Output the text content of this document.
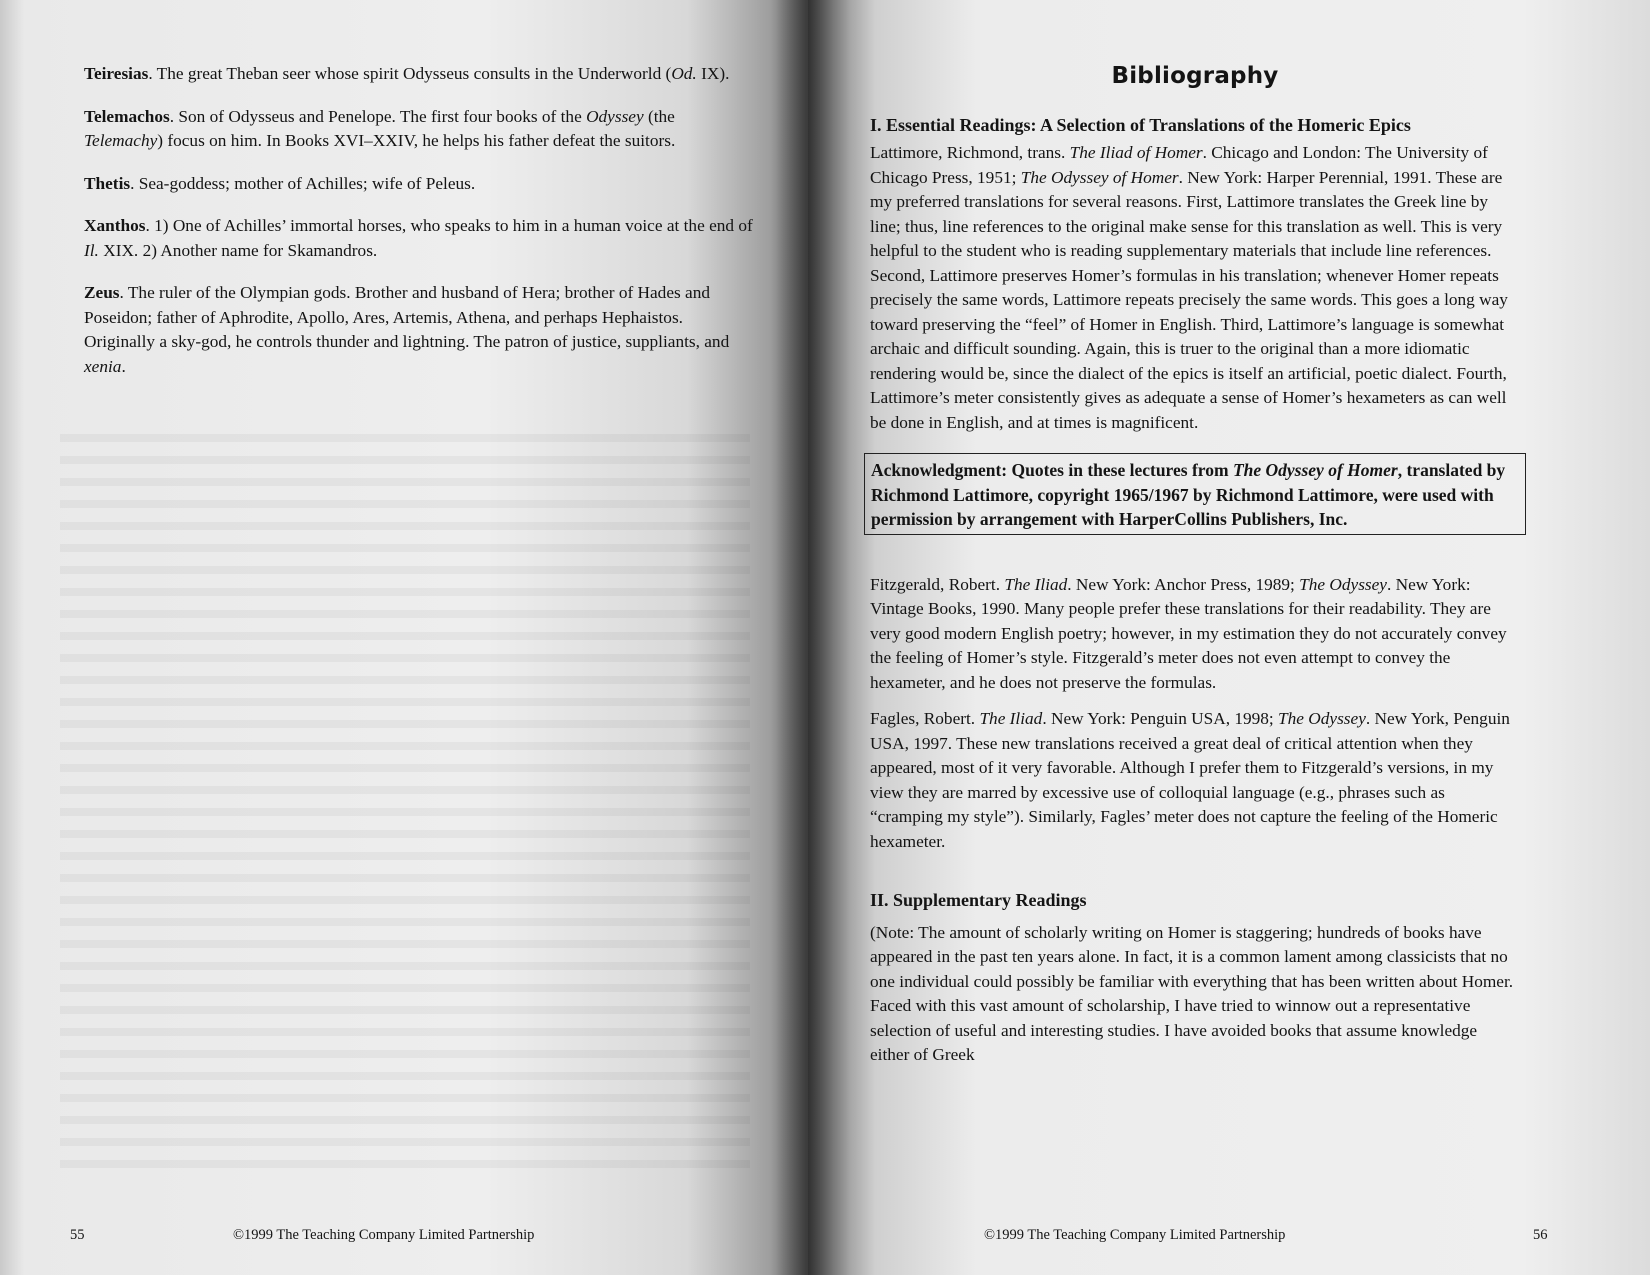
Teiresias. The great Theban seer whose spirit Odysseus consults in the Underworld (Od. IX).

Telemachos. Son of Odysseus and Penelope. The first four books of the Odyssey (the Telemachy) focus on him. In Books XVI–XXIV, he helps his father defeat the suitors.

Thetis. Sea-goddess; mother of Achilles; wife of Peleus.

Xanthos. 1) One of Achilles’ immortal horses, who speaks to him in a human voice at the end of Il. XIX. 2) Another name for Skamandros.

Zeus. The ruler of the Olympian gods. Brother and husband of Hera; brother of Hades and Poseidon; father of Aphrodite, Apollo, Ares, Artemis, Athena, and perhaps Hephaistos. Originally a sky-god, he controls thunder and lightning. The patron of justice, suppliants, and xenia.

55	©1999 The Teaching Company Limited Partnership
Bibliography
I. Essential Readings: A Selection of Translations of the Homeric Epics

Lattimore, Richmond, trans. The Iliad of Homer. Chicago and London: The University of Chicago Press, 1951; The Odyssey of Homer. New York: Harper Perennial, 1991. These are my preferred translations for several reasons. First, Lattimore translates the Greek line by line; thus, line references to the original make sense for this translation as well. This is very helpful to the student who is reading supplementary materials that include line references. Second, Lattimore preserves Homer’s formulas in his translation; whenever Homer repeats precisely the same words, Lattimore repeats precisely the same words. This goes a long way toward preserving the “feel” of Homer in English. Third, Lattimore’s language is somewhat archaic and difficult sounding. Again, this is truer to the original than a more idiomatic rendering would be, since the dialect of the epics is itself an artificial, poetic dialect. Fourth, Lattimore’s meter consistently gives as adequate a sense of Homer’s hexameters as can well be done in English, and at times is magnificent.

Acknowledgment: Quotes in these lectures from The Odyssey of Homer, translated by Richmond Lattimore, copyright 1965/1967 by Richmond Lattimore, were used with permission by arrangement with HarperCollins Publishers, Inc.

Fitzgerald, Robert. The Iliad. New York: Anchor Press, 1989; The Odyssey. New York: Vintage Books, 1990. Many people prefer these translations for their readability. They are very good modern English poetry; however, in my estimation they do not accurately convey the feeling of Homer’s style. Fitzgerald’s meter does not even attempt to convey the hexameter, and he does not preserve the formulas.

Fagles, Robert. The Iliad. New York: Penguin USA, 1998; The Odyssey. New York, Penguin USA, 1997. These new translations received a great deal of critical attention when they appeared, most of it very favorable. Although I prefer them to Fitzgerald’s versions, in my view they are marred by excessive use of colloquial language (e.g., phrases such as “cramping my style”). Similarly, Fagles’ meter does not capture the feeling of the Homeric hexameter.

II. Supplementary Readings

(Note: The amount of scholarly writing on Homer is staggering; hundreds of books have appeared in the past ten years alone. In fact, it is a common lament among classicists that no one individual could possibly be familiar with everything that has been written about Homer. Faced with this vast amount of scholarship, I have tried to winnow out a representative selection of useful and interesting studies. I have avoided books that assume knowledge either of Greek

©1999 The Teaching Company Limited Partnership	56
